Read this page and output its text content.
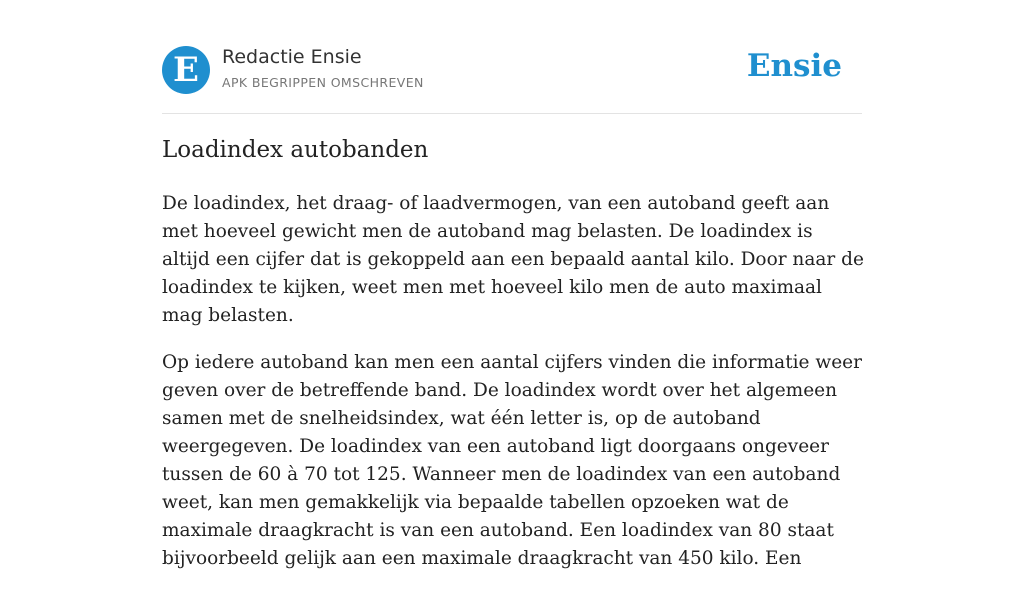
E	Redactie Ensie
APK BEGRIPPEN OMSCHREVEN	Ensie
Loadindex autobanden

De loadindex, het draag- of laadvermogen, van een autoband geeft aan met hoeveel gewicht men de autoband mag belasten. De loadindex is altijd een cijfer dat is gekoppeld aan een bepaald aantal kilo. Door naar de loadindex te kijken, weet men met hoeveel kilo men de auto maximaal mag belasten.

Op iedere autoband kan men een aantal cijfers vinden die informatie weer geven over de betreffende band. De loadindex wordt over het algemeen samen met de snelheidsindex, wat één letter is, op de autoband weergegeven. De loadindex van een autoband ligt doorgaans ongeveer tussen de 60 à 70 tot 125. Wanneer men de loadindex van een autoband weet, kan men gemakkelijk via bepaalde tabellen opzoeken wat de maximale draagkracht is van een autoband. Een loadindex van 80 staat bijvoorbeeld gelijk aan een maximale draagkracht van 450 kilo. Een
